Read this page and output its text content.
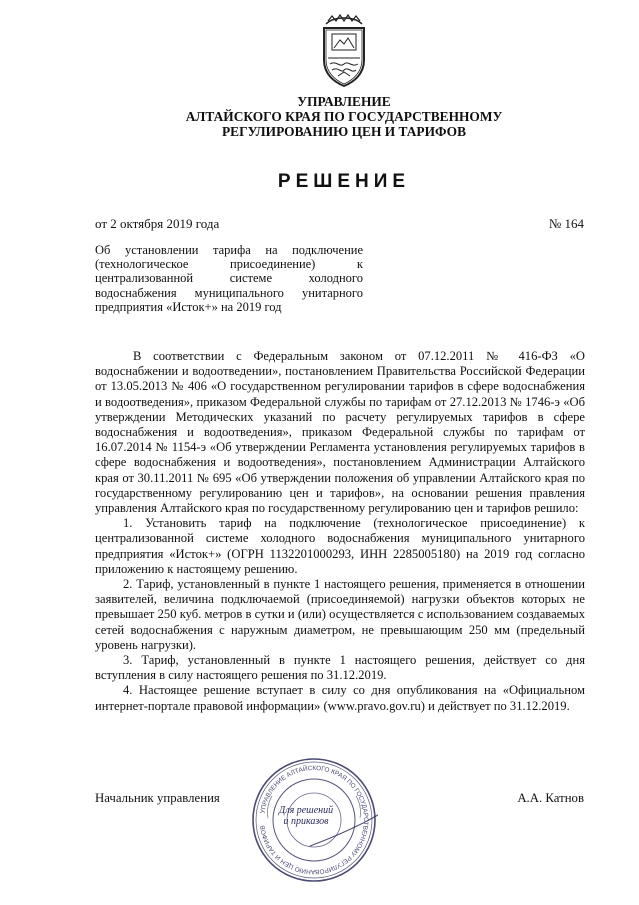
УПРАВЛЕНИЕ
АЛТАЙСКОГО КРАЯ ПО ГОСУДАРСТВЕННОМУ
РЕГУЛИРОВАНИЮ ЦЕН И ТАРИФОВ
РЕШЕНИЕ
от 2 октября 2019 года	№ 164
Об установлении тарифа на подключение (технологическое присоединение) к централизованной системе холодного водоснабжения муниципального унитарного предприятия «Исток+» на 2019 год

В соответствии с Федеральным законом от 07.12.2011 № 416-ФЗ «О водоснабжении и водоотведении», постановлением Правительства Российской Федерации от 13.05.2013 № 406 «О государственном регулировании тарифов в сфере водоснабжения и водоотведения», приказом Федеральной службы по тарифам от 27.12.2013 № 1746-э «Об утверждении Методических указаний по расчету регулируемых тарифов в сфере водоснабжения и водоотведения», приказом Федеральной службы по тарифам от 16.07.2014 № 1154-э «Об утверждении Регламента установления регулируемых тарифов в сфере водоснабжения и водоотведения», постановлением Администрации Алтайского края от 30.11.2011 № 695 «Об утверждении положения об управлении Алтайского края по государственному регулированию цен и тарифов», на основании решения правления управления Алтайского края по государственному регулированию цен и тарифов решило:

1. Установить тариф на подключение (технологическое присоединение) к централизованной системе холодного водоснабжения муниципального унитарного предприятия «Исток+» (ОГРН 1132201000293, ИНН 2285005180) на 2019 год согласно приложению к настоящему решению.

2. Тариф, установленный в пункте 1 настоящего решения, применяется в отношении заявителей, величина подключаемой (присоединяемой) нагрузки объектов которых не превышает 250 куб. метров в сутки и (или) осуществляется с использованием создаваемых сетей водоснабжения с наружным диаметром, не превышающим 250 мм (предельный уровень нагрузки).

3. Тариф, установленный в пункте 1 настоящего решения, действует со дня вступления в силу настоящего решения по 31.12.2019.

4. Настоящее решение вступает в силу со дня опубликования на «Официальном интернет-портале правовой информации» (www.pravo.gov.ru) и действует по 31.12.2019.

Начальник управления	А.А. Катнов
УПРАВЛЕНИЕ АЛТАЙСКОГО КРАЯ ПО ГОСУДАРСТВЕННОМУ РЕГУЛИРОВАНИЮ ЦЕН И ТАРИФОВ
Для решений
и приказов
